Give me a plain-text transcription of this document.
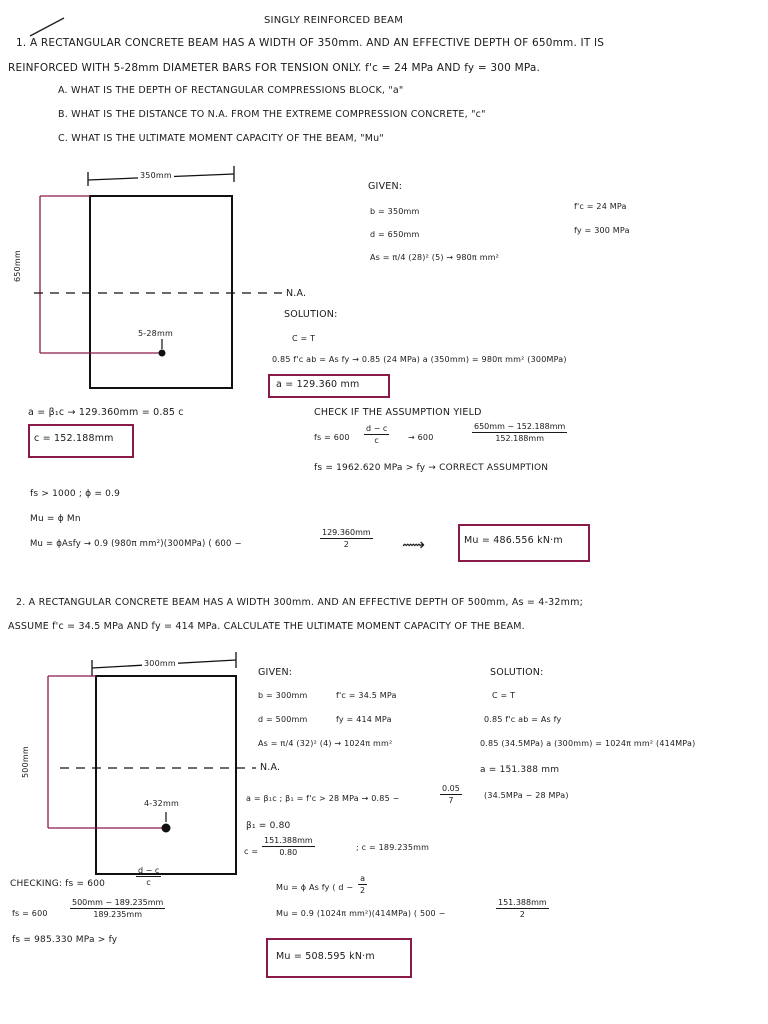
SINGLY REINFORCED BEAM
1. A RECTANGULAR CONCRETE BEAM HAS A WIDTH OF 350mm. AND AN EFFECTIVE DEPTH OF 650mm. IT IS
REINFORCED WITH 5-28mm DIAMETER BARS FOR TENSION ONLY. f'c = 24 MPa AND fy = 300 MPa.
A. WHAT IS THE DEPTH OF RECTANGULAR COMPRESSIONS BLOCK, "a"
B. WHAT IS THE DISTANCE TO N.A. FROM THE EXTREME COMPRESSION CONCRETE, "c"
C. WHAT IS THE ULTIMATE MOMENT CAPACITY OF THE BEAM, "Mu"
350mm
650mm
5-28mm
N.A.
GIVEN:
b = 350mm
d = 650mm
As = π/4 (28)² (5) → 980π mm²
f'c = 24 MPa
fy = 300 MPa
SOLUTION:
C = T
0.85 f'c ab = As fy → 0.85 (24 MPa) a (350mm) = 980π mm² (300MPa)
a = 129.360 mm
a = β₁c → 129.360mm = 0.85 c
c = 152.188mm
CHECK IF THE ASSUMPTION YIELD
fs = $600 \frac{d - c}{c} \to 600$	$\frac{650mm - 152.188mm}{152.188mm}$
fs = 1962.620 MPa > fy → CORRECT ASSUMPTION
fs > 1000 ; ϕ = 0.9
Mu = ϕ Mn
Mu = ϕAsfy → 0.9 (980π mm²)(300MPa) ( 600 −	$\frac{129.360mm}{2}$ ⟿	Mu = 486.556 kN·m
2. A RECTANGULAR CONCRETE BEAM HAS A WIDTH 300mm. AND AN EFFECTIVE DEPTH OF 500mm, As = 4-32mm;
ASSUME f'c = 34.5 MPa AND fy = 414 MPa. CALCULATE THE ULTIMATE MOMENT CAPACITY OF THE BEAM.
300mm
500mm
4-32mm
N.A.
GIVEN:
b = 300mm	f'c = 34.5 MPa
d = 500mm	fy = 414 MPa
As = π/4 (32)² (4) → 1024π mm²
SOLUTION:
C = T
0.85 f'c ab = As fy
0.85 (34.5MPa) a (300mm) = 1024π mm² (414MPa)
a = 151.388 mm
a = β₁c ; β₁ = f'c > 28 MPa → 0.85 −	$\frac{0.05}{7}$	(34.5MPa − 28 MPa)
β₁ = 0.80
$c = \frac{151.388mm}{0.80}$	; c = 189.235mm
CHECKING: fs = 600	$\frac{d - c}{c}$
fs = 600	$\frac{500mm - 189.235mm}{189.235mm}$
fs = 985.330 MPa > fy
Mu = ϕ As fy ( $d - \frac{a}{2}$
Mu = 0.9 (1024π mm²)(414MPa) ( 500 −	$\frac{151.388mm}{2}$
Mu = 508.595 kN·m
